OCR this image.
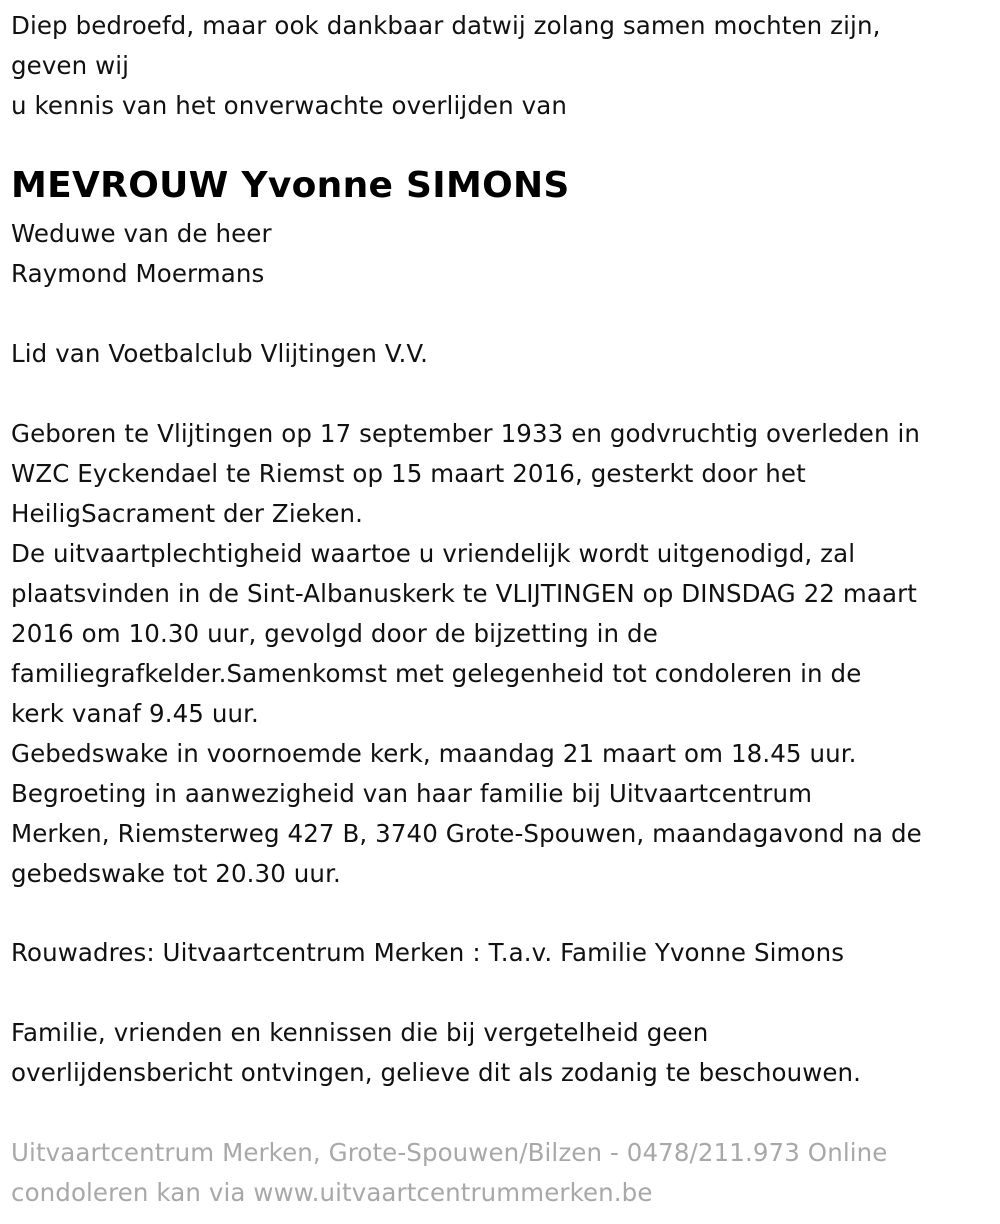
Diep bedroefd, maar ook dankbaar datwij zolang samen mochten zijn,
geven wij
u kennis van het onverwachte overlijden van

MEVROUW Yvonne SIMONS

Weduwe van de heer
Raymond Moermans

Lid van Voetbalclub Vlijtingen V.V.

Geboren te Vlijtingen op 17 september 1933 en godvruchtig overleden in
WZC Eyckendael te Riemst op 15 maart 2016, gesterkt door het
HeiligSacrament der Zieken.
De uitvaartplechtigheid waartoe u vriendelijk wordt uitgenodigd, zal
plaatsvinden in de Sint-Albanuskerk te VLIJTINGEN op DINSDAG 22 maart
2016 om 10.30 uur, gevolgd door de bijzetting in de
familiegrafkelder.Samenkomst met gelegenheid tot condoleren in de
kerk vanaf 9.45 uur.
Gebedswake in voornoemde kerk, maandag 21 maart om 18.45 uur.
Begroeting in aanwezigheid van haar familie bij Uitvaartcentrum
Merken, Riemsterweg 427 B, 3740 Grote-Spouwen, maandagavond na de
gebedswake tot 20.30 uur.

Rouwadres: Uitvaartcentrum Merken : T.a.v. Familie Yvonne Simons

Familie, vrienden en kennissen die bij vergetelheid geen
overlijdensbericht ontvingen, gelieve dit als zodanig te beschouwen.

Uitvaartcentrum Merken, Grote-Spouwen/Bilzen - 0478/211.973 Online
condoleren kan via www.uitvaartcentrummerken.be
